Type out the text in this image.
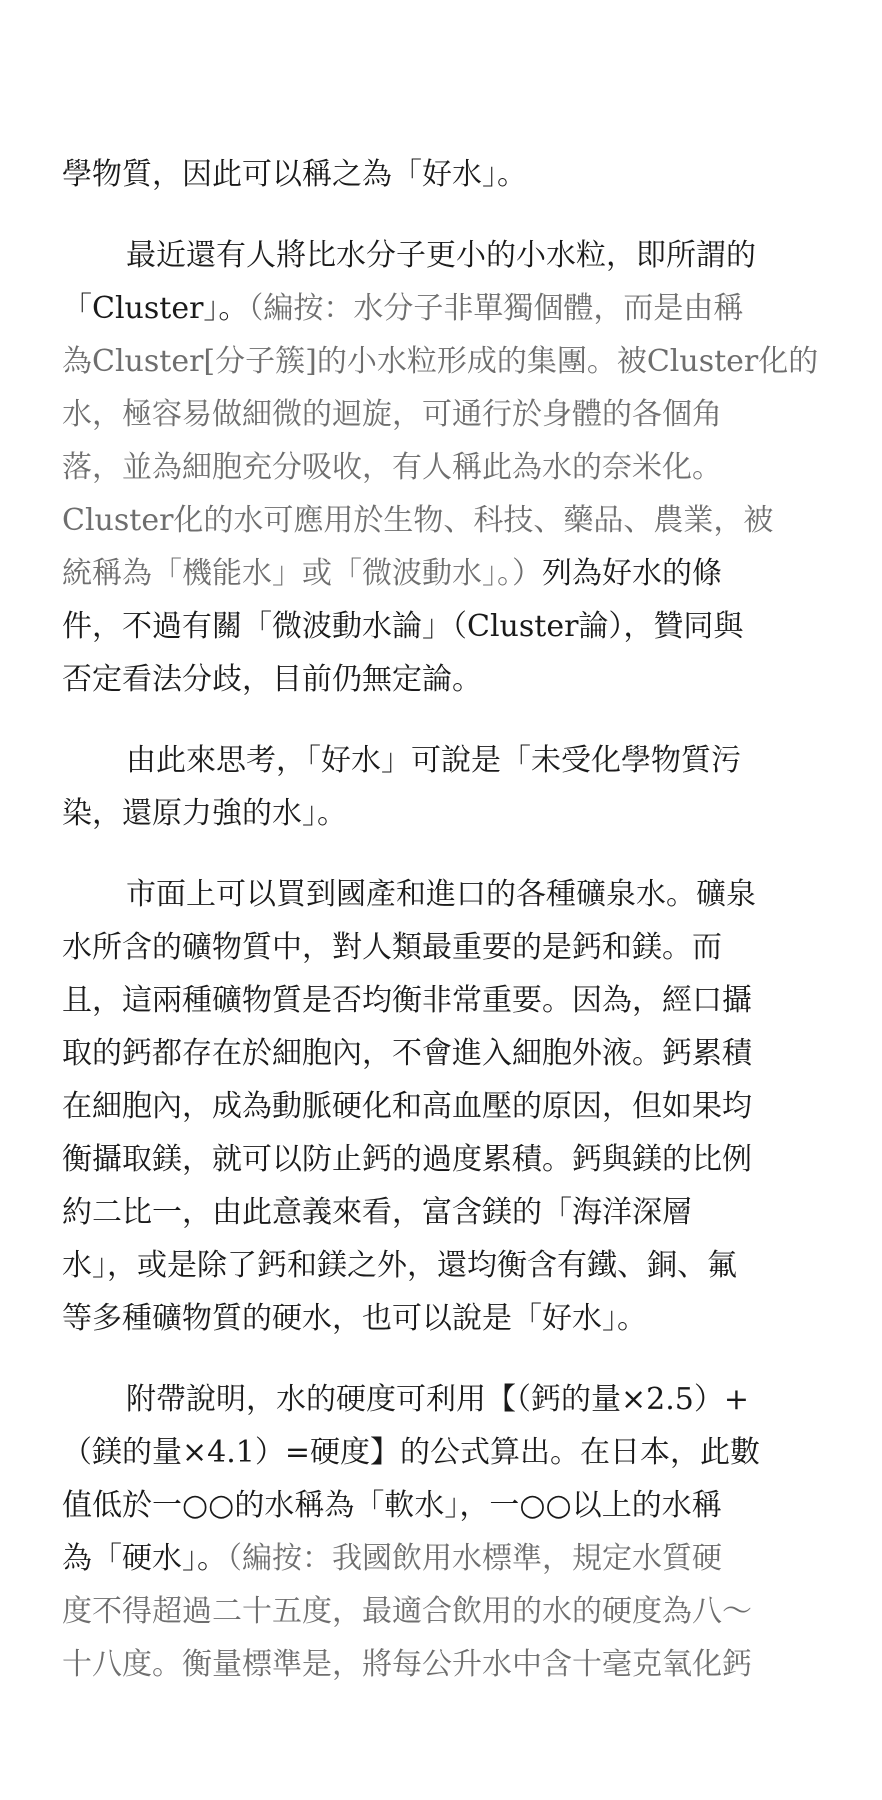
學物質，因此可以稱之為「好水」。

最近還有人將比水分子更小的小水粒，即所謂的
「Cluster」。（編按：水分子非單獨個體，而是由稱
為Cluster[分子簇]的小水粒形成的集團。被Cluster化的
水，極容易做細微的迴旋，可通行於身體的各個角
落，並為細胞充分吸收，有人稱此為水的奈米化。
Cluster化的水可應用於生物、科技、藥品、農業，被
統稱為「機能水」或「微波動水」。）列為好水的條
件，不過有關「微波動水論」（Cluster論），贊同與
否定看法分歧，目前仍無定論。

由此來思考，「好水」可說是「未受化學物質污
染，還原力強的水」。

市面上可以買到國產和進口的各種礦泉水。礦泉
水所含的礦物質中，對人類最重要的是鈣和鎂。而
且，這兩種礦物質是否均衡非常重要。因為，經口攝
取的鈣都存在於細胞內，不會進入細胞外液。鈣累積
在細胞內，成為動脈硬化和高血壓的原因，但如果均
衡攝取鎂，就可以防止鈣的過度累積。鈣與鎂的比例
約二比一，由此意義來看，富含鎂的「海洋深層
水」，或是除了鈣和鎂之外，還均衡含有鐵、銅、氟
等多種礦物質的硬水，也可以說是「好水」。

附帶說明，水的硬度可利用【（鈣的量×2.5）+
（鎂的量×4.1）=硬度】的公式算出。在日本，此數
值低於一○○的水稱為「軟水」，一○○以上的水稱
為「硬水」。（編按：我國飲用水標準，規定水質硬
度不得超過二十五度，最適合飲用的水的硬度為八～
十八度。衡量標準是，將每公升水中含十毫克氧化鈣
